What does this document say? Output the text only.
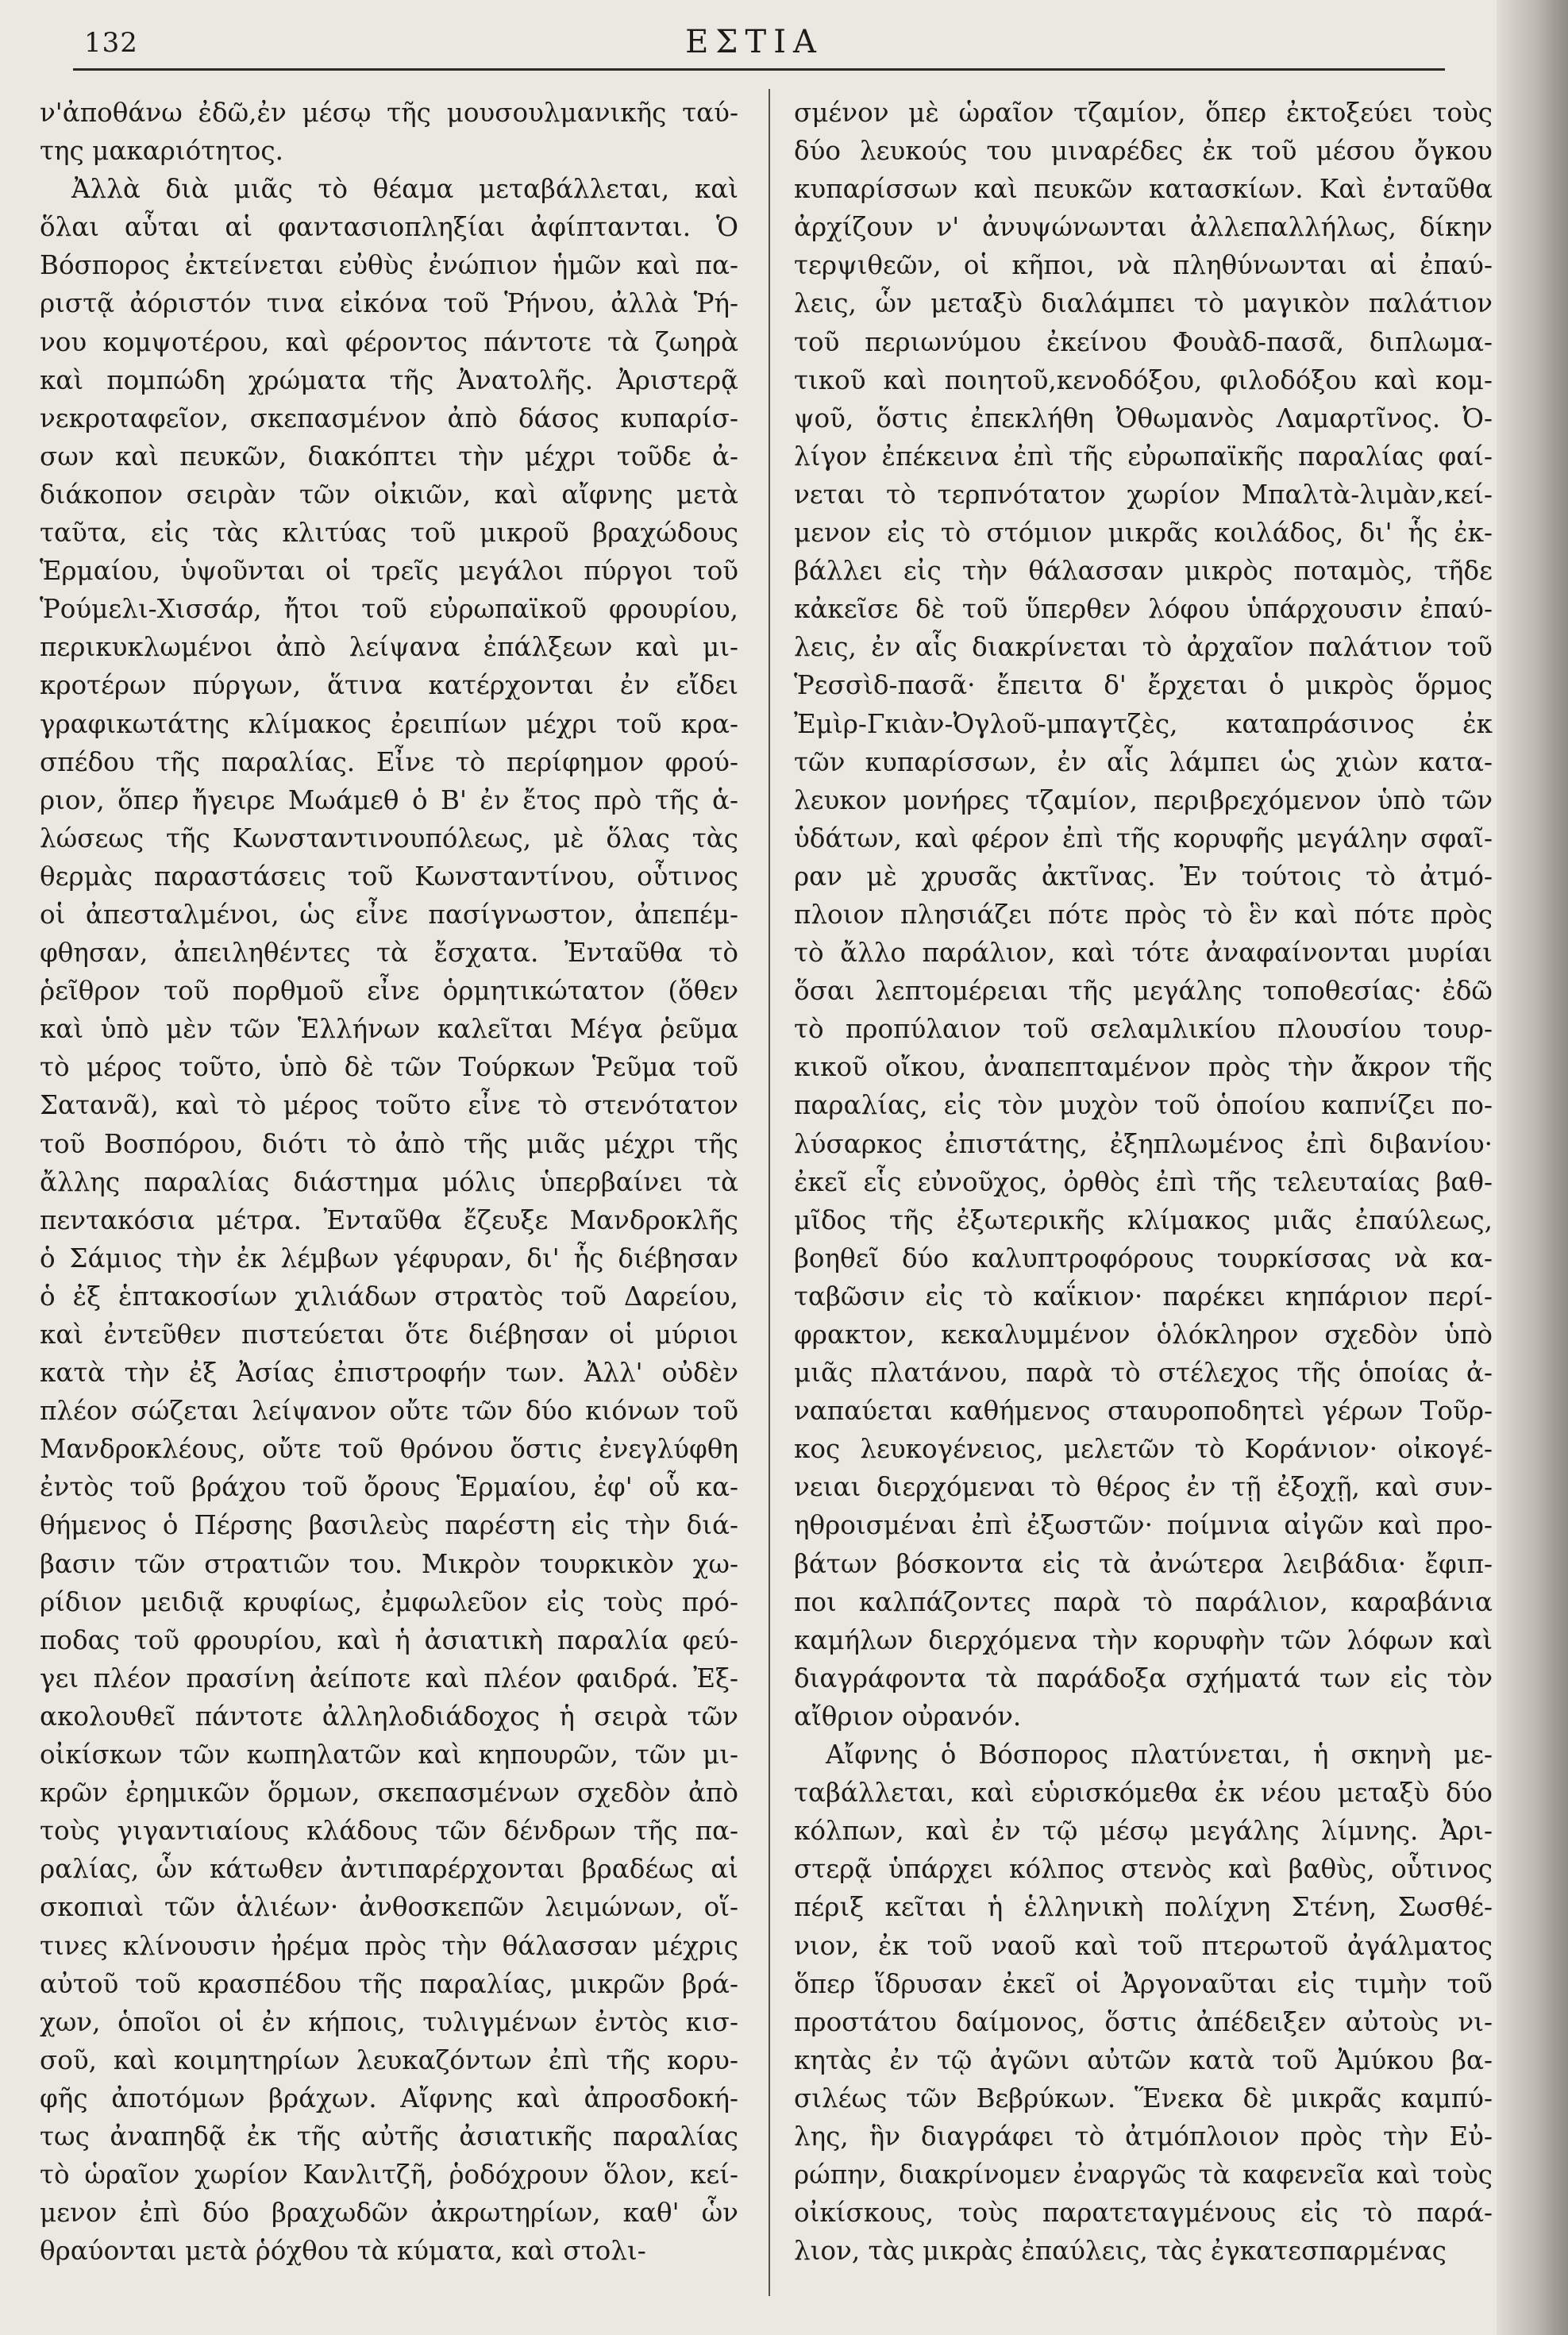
132	ΕΣΤΙΑ
ν'ἀποθάνω ἐδῶ,ἐν μέσῳ τῆς μουσουλμανικῆς ταύ-
της μακαριότητος.
Ἀλλὰ διὰ μιᾶς τὸ θέαμα μεταβάλλεται, καὶ
ὅλαι αὗται αἱ φαντασιοπληξίαι ἀφίπτανται. Ὁ
Βόσπορος ἐκτείνεται εὐθὺς ἐνώπιον ἡμῶν καὶ πα-
ριστᾷ ἀόριστόν τινα εἰκόνα τοῦ Ῥήνου, ἀλλὰ Ῥή-
νου κομψοτέρου, καὶ φέροντος πάντοτε τὰ ζωηρὰ
καὶ πομπώδη χρώματα τῆς Ἀνατολῆς. Ἀριστερᾷ
νεκροταφεῖον, σκεπασμένον ἀπὸ δάσος κυπαρίσ-
σων καὶ πευκῶν, διακόπτει τὴν μέχρι τοῦδε ἀ-
διάκοπον σειρὰν τῶν οἰκιῶν, καὶ αἴφνης μετὰ
ταῦτα, εἰς τὰς κλιτύας τοῦ μικροῦ βραχώδους
Ἑρμαίου, ὑψοῦνται οἱ τρεῖς μεγάλοι πύργοι τοῦ
Ῥούμελι-Χισσάρ, ἤτοι τοῦ εὐρωπαϊκοῦ φρουρίου,
περικυκλωμένοι ἀπὸ λείψανα ἐπάλξεων καὶ μι-
κροτέρων πύργων, ἅτινα κατέρχονται ἐν εἴδει
γραφικωτάτης κλίμακος ἐρειπίων μέχρι τοῦ κρα-
σπέδου τῆς παραλίας. Εἶνε τὸ περίφημον φρού-
ριον, ὅπερ ἤγειρε Μωάμεθ ὁ Β' ἐν ἔτος πρὸ τῆς ἁ-
λώσεως τῆς Κωνσταντινουπόλεως, μὲ ὅλας τὰς
θερμὰς παραστάσεις τοῦ Κωνσταντίνου, οὗτινος
οἱ ἀπεσταλμένοι, ὡς εἶνε πασίγνωστον, ἀπεπέμ-
φθησαν, ἀπειληθέντες τὰ ἔσχατα. Ἐνταῦθα τὸ
ῥεῖθρον τοῦ πορθμοῦ εἶνε ὁρμητικώτατον (ὅθεν
καὶ ὑπὸ μὲν τῶν Ἑλλήνων καλεῖται Μέγα ῥεῦμα
τὸ μέρος τοῦτο, ὑπὸ δὲ τῶν Τούρκων Ῥεῦμα τοῦ
Σατανᾶ), καὶ τὸ μέρος τοῦτο εἶνε τὸ στενότατον
τοῦ Βοσπόρου, διότι τὸ ἀπὸ τῆς μιᾶς μέχρι τῆς
ἄλλης παραλίας διάστημα μόλις ὑπερβαίνει τὰ
πεντακόσια μέτρα. Ἐνταῦθα ἔζευξε Μανδροκλῆς
ὁ Σάμιος τὴν ἐκ λέμβων γέφυραν, δι' ἧς διέβησαν
ὁ ἐξ ἑπτακοσίων χιλιάδων στρατὸς τοῦ Δαρείου,
καὶ ἐντεῦθεν πιστεύεται ὅτε διέβησαν οἱ μύριοι
κατὰ τὴν ἐξ Ἀσίας ἐπιστροφήν των. Ἀλλ' οὐδὲν
πλέον σώζεται λείψανον οὔτε τῶν δύο κιόνων τοῦ
Μανδροκλέους, οὔτε τοῦ θρόνου ὅστις ἐνεγλύφθη
ἐντὸς τοῦ βράχου τοῦ ὄρους Ἑρμαίου, ἐφ' οὗ κα-
θήμενος ὁ Πέρσης βασιλεὺς παρέστη εἰς τὴν διά-
βασιν τῶν στρατιῶν του. Μικρὸν τουρκικὸν χω-
ρίδιον μειδιᾷ κρυφίως, ἐμφωλεῦον εἰς τοὺς πρό-
ποδας τοῦ φρουρίου, καὶ ἡ ἀσιατικὴ παραλία φεύ-
γει πλέον πρασίνη ἀείποτε καὶ πλέον φαιδρά. Ἐξ-
ακολουθεῖ πάντοτε ἀλληλοδιάδοχος ἡ σειρὰ τῶν
οἰκίσκων τῶν κωπηλατῶν καὶ κηπουρῶν, τῶν μι-
κρῶν ἐρημικῶν ὅρμων, σκεπασμένων σχεδὸν ἀπὸ
τοὺς γιγαντιαίους κλάδους τῶν δένδρων τῆς πα-
ραλίας, ὧν κάτωθεν ἀντιπαρέρχονται βραδέως αἱ
σκοπιαὶ τῶν ἁλιέων· ἀνθοσκεπῶν λειμώνων, οἵ-
τινες κλίνουσιν ἠρέμα πρὸς τὴν θάλασσαν μέχρις
αὐτοῦ τοῦ κρασπέδου τῆς παραλίας, μικρῶν βρά-
χων, ὁποῖοι οἱ ἐν κήποις, τυλιγμένων ἐντὸς κισ-
σοῦ, καὶ κοιμητηρίων λευκαζόντων ἐπὶ τῆς κορυ-
φῆς ἀποτόμων βράχων. Αἴφνης καὶ ἀπροσδοκή-
τως ἀναπηδᾷ ἐκ τῆς αὐτῆς ἀσιατικῆς παραλίας
τὸ ὡραῖον χωρίον Κανλιτζῆ, ῥοδόχρουν ὅλον, κεί-
μενον ἐπὶ δύο βραχωδῶν ἀκρωτηρίων, καθ' ὧν
θραύονται μετὰ ῥόχθου τὰ κύματα, καὶ στολι-
σμένον μὲ ὡραῖον τζαμίον, ὅπερ ἐκτοξεύει τοὺς
δύο λευκούς του μιναρέδες ἐκ τοῦ μέσου ὄγκου
κυπαρίσσων καὶ πευκῶν κατασκίων. Καὶ ἐνταῦθα
ἀρχίζουν ν' ἀνυψώνωνται ἀλλεπαλλήλως, δίκην
τερψιθεῶν, οἱ κῆποι, νὰ πληθύνωνται αἱ ἐπαύ-
λεις, ὧν μεταξὺ διαλάμπει τὸ μαγικὸν παλάτιον
τοῦ περιωνύμου ἐκείνου Φουὰδ-πασᾶ, διπλωμα-
τικοῦ καὶ ποιητοῦ,κενοδόξου, φιλοδόξου καὶ κομ-
ψοῦ, ὅστις ἐπεκλήθη Ὀθωμανὸς Λαμαρτῖνος. Ὀ-
λίγον ἐπέκεινα ἐπὶ τῆς εὐρωπαϊκῆς παραλίας φαί-
νεται τὸ τερπνότατον χωρίον Μπαλτὰ-λιμὰν,κεί-
μενον εἰς τὸ στόμιον μικρᾶς κοιλάδος, δι' ἧς ἐκ-
βάλλει εἰς τὴν θάλασσαν μικρὸς ποταμὸς, τῆδε
κἀκεῖσε δὲ τοῦ ὕπερθεν λόφου ὑπάρχουσιν ἐπαύ-
λεις, ἐν αἷς διακρίνεται τὸ ἀρχαῖον παλάτιον τοῦ
Ῥεσσὶδ-πασᾶ· ἔπειτα δ' ἔρχεται ὁ μικρὸς ὅρμος
Ἐμὶρ-Γκιὰν-Ὀγλοῦ-μπαγτζὲς, καταπράσινος ἐκ
τῶν κυπαρίσσων, ἐν αἷς λάμπει ὡς χιὼν κατα-
λευκον μονήρες τζαμίον, περιβρεχόμενον ὑπὸ τῶν
ὑδάτων, καὶ φέρον ἐπὶ τῆς κορυφῆς μεγάλην σφαῖ-
ραν μὲ χρυσᾶς ἀκτῖνας. Ἐν τούτοις τὸ ἀτμό-
πλοιον πλησιάζει πότε πρὸς τὸ ἓν καὶ πότε πρὸς
τὸ ἄλλο παράλιον, καὶ τότε ἀναφαίνονται μυρίαι
ὅσαι λεπτομέρειαι τῆς μεγάλης τοποθεσίας· ἐδῶ
τὸ προπύλαιον τοῦ σελαμλικίου πλουσίου τουρ-
κικοῦ οἴκου, ἀναπεπταμένον πρὸς τὴν ἄκρον τῆς
παραλίας, εἰς τὸν μυχὸν τοῦ ὁποίου καπνίζει πο-
λύσαρκος ἐπιστάτης, ἐξηπλωμένος ἐπὶ διβανίου·
ἐκεῖ εἷς εὐνοῦχος, ὀρθὸς ἐπὶ τῆς τελευταίας βαθ-
μῖδος τῆς ἐξωτερικῆς κλίμακος μιᾶς ἐπαύλεως,
βοηθεῖ δύο καλυπτροφόρους τουρκίσσας νὰ κα-
ταβῶσιν εἰς τὸ καΐκιον· παρέκει κηπάριον περί-
φρακτον, κεκαλυμμένον ὁλόκληρον σχεδὸν ὑπὸ
μιᾶς πλατάνου, παρὰ τὸ στέλεχος τῆς ὁποίας ἀ-
ναπαύεται καθήμενος σταυροποδητεὶ γέρων Τοῦρ-
κος λευκογένειος, μελετῶν τὸ Κοράνιον· οἰκογέ-
νειαι διερχόμεναι τὸ θέρος ἐν τῇ ἐξοχῇ, καὶ συν-
ηθροισμέναι ἐπὶ ἐξωστῶν· ποίμνια αἰγῶν καὶ προ-
βάτων βόσκοντα εἰς τὰ ἀνώτερα λειβάδια· ἔφιπ-
ποι καλπάζοντες παρὰ τὸ παράλιον, καραβάνια
καμήλων διερχόμενα τὴν κορυφὴν τῶν λόφων καὶ
διαγράφοντα τὰ παράδοξα σχήματά των εἰς τὸν
αἴθριον οὐρανόν.
Αἴφνης ὁ Βόσπορος πλατύνεται, ἡ σκηνὴ με-
ταβάλλεται, καὶ εὑρισκόμεθα ἐκ νέου μεταξὺ δύο
κόλπων, καὶ ἐν τῷ μέσῳ μεγάλης λίμνης. Ἀρι-
στερᾷ ὑπάρχει κόλπος στενὸς καὶ βαθὺς, οὗτινος
πέριξ κεῖται ἡ ἑλληνικὴ πολίχνη Στένη, Σωσθέ-
νιον, ἐκ τοῦ ναοῦ καὶ τοῦ πτερωτοῦ ἀγάλματος
ὅπερ ἵδρυσαν ἐκεῖ οἱ Ἀργοναῦται εἰς τιμὴν τοῦ
προστάτου δαίμονος, ὅστις ἀπέδειξεν αὐτοὺς νι-
κητὰς ἐν τῷ ἀγῶνι αὐτῶν κατὰ τοῦ Ἀμύκου βα-
σιλέως τῶν Βεβρύκων. Ἕνεκα δὲ μικρᾶς καμπύ-
λης, ἣν διαγράφει τὸ ἀτμόπλοιον πρὸς τὴν Εὐ-
ρώπην, διακρίνομεν ἐναργῶς τὰ καφενεῖα καὶ τοὺς
οἰκίσκους, τοὺς παρατεταγμένους εἰς τὸ παρά-
λιον, τὰς μικρὰς ἐπαύλεις, τὰς ἐγκατεσπαρμένας
